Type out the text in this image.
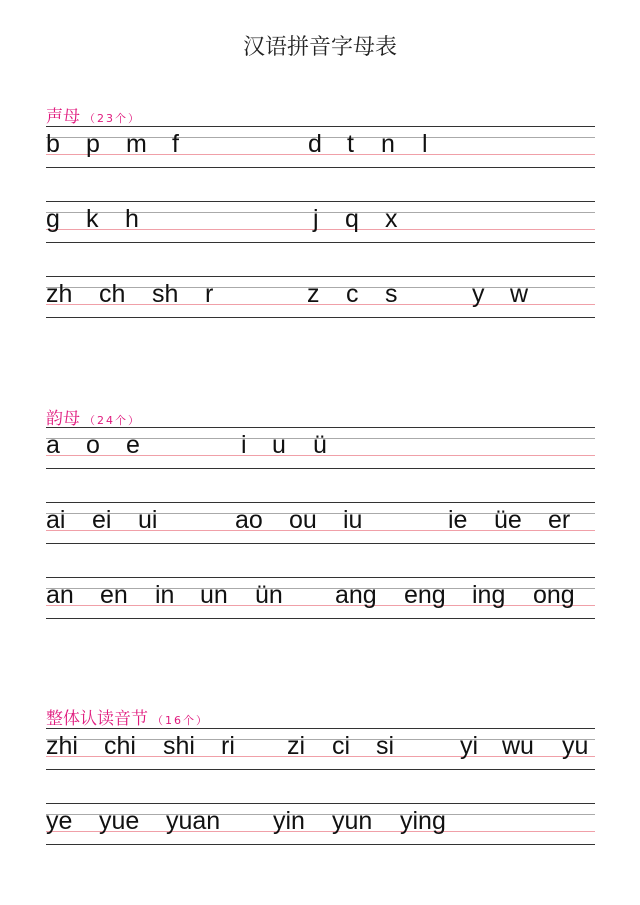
汉语拼音字母表
声母 （23个）
b p m f	d t n l
g k h	j q x
zh ch sh r	z c s	y w
韵母 （24个）
a o e	i u ü
ai ei ui	ao ou iu	ie üe er
an en in un ün ang eng ing ong
整体认读音节 （16个）
zhi chi shi ri zi ci si	yi wu yu
ye yue yuan yin yun ying
